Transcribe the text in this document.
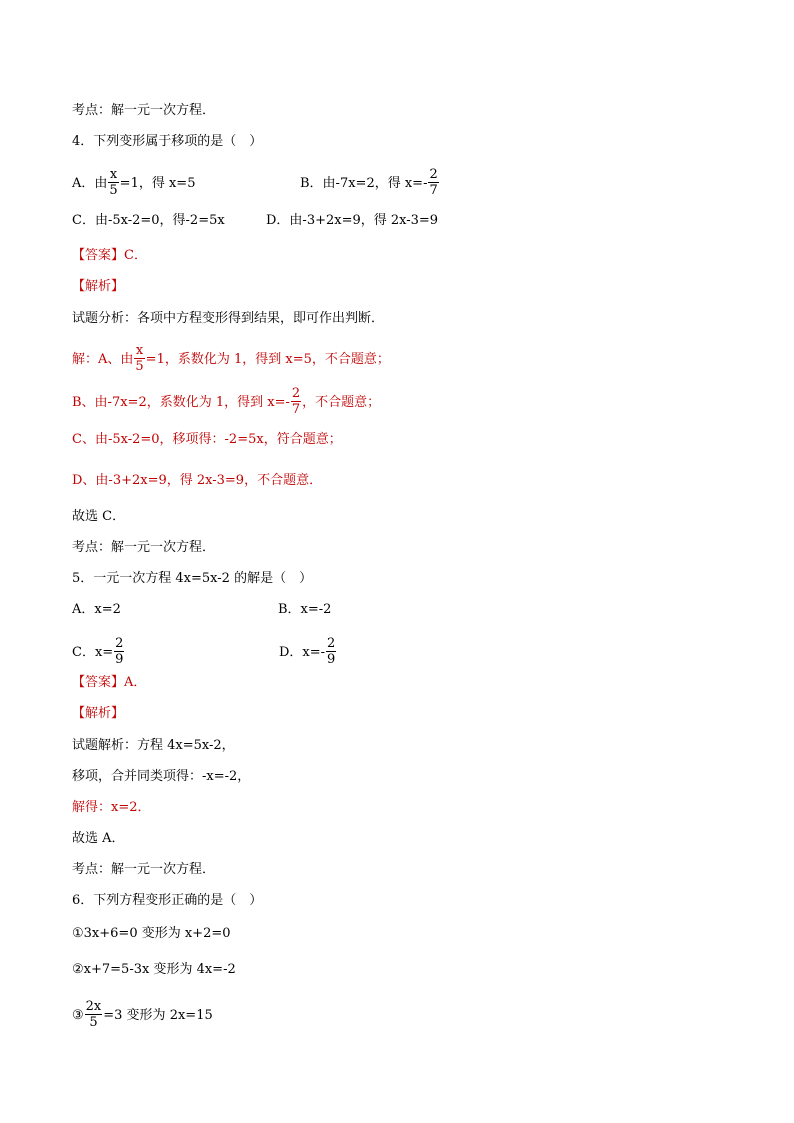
考点：解一元一次方程．
4．下列变形属于移项的是（　）
A．由 $\frac{x}{5} =1$，得 x=5	B．由-7x=2，得 $x=- \frac{2}{7}$
C．由-5x-2=0，得-2=5x	D．由-3+2x=9，得 2x-3=9
【答案】C．
【解析】
试题分析：各项中方程变形得到结果，即可作出判断．
解：A、由 $\frac{x}{5} =1$，系数化为 1，得到 x=5，不合题意；
B、由-7x=2，系数化为 1，得到 $x=- \frac{2}{7}$ ，不合题意；
C、由-5x-2=0，移项得：-2=5x，符合题意；
D、由-3+2x=9，得 2x-3=9，不合题意．
故选 C．
考点：解一元一次方程．
5．一元一次方程 4x=5x-2 的解是（　）
A．x=2	B．x=-2
C．$x= \frac{2}{9}$	D．$x=- \frac{2}{9}$
【答案】A．
【解析】
试题解析：方程 4x=5x-2，
移项，合并同类项得：-x=-2，
解得：x=2．
故选 A．
考点：解一元一次方程．
6．下列方程变形正确的是（　）
①3x+6=0 变形为 x+2=0
②x+7=5-3x 变形为 4x=-2
③ $\frac{2x}{5} =3$ 变形为 2x=15
